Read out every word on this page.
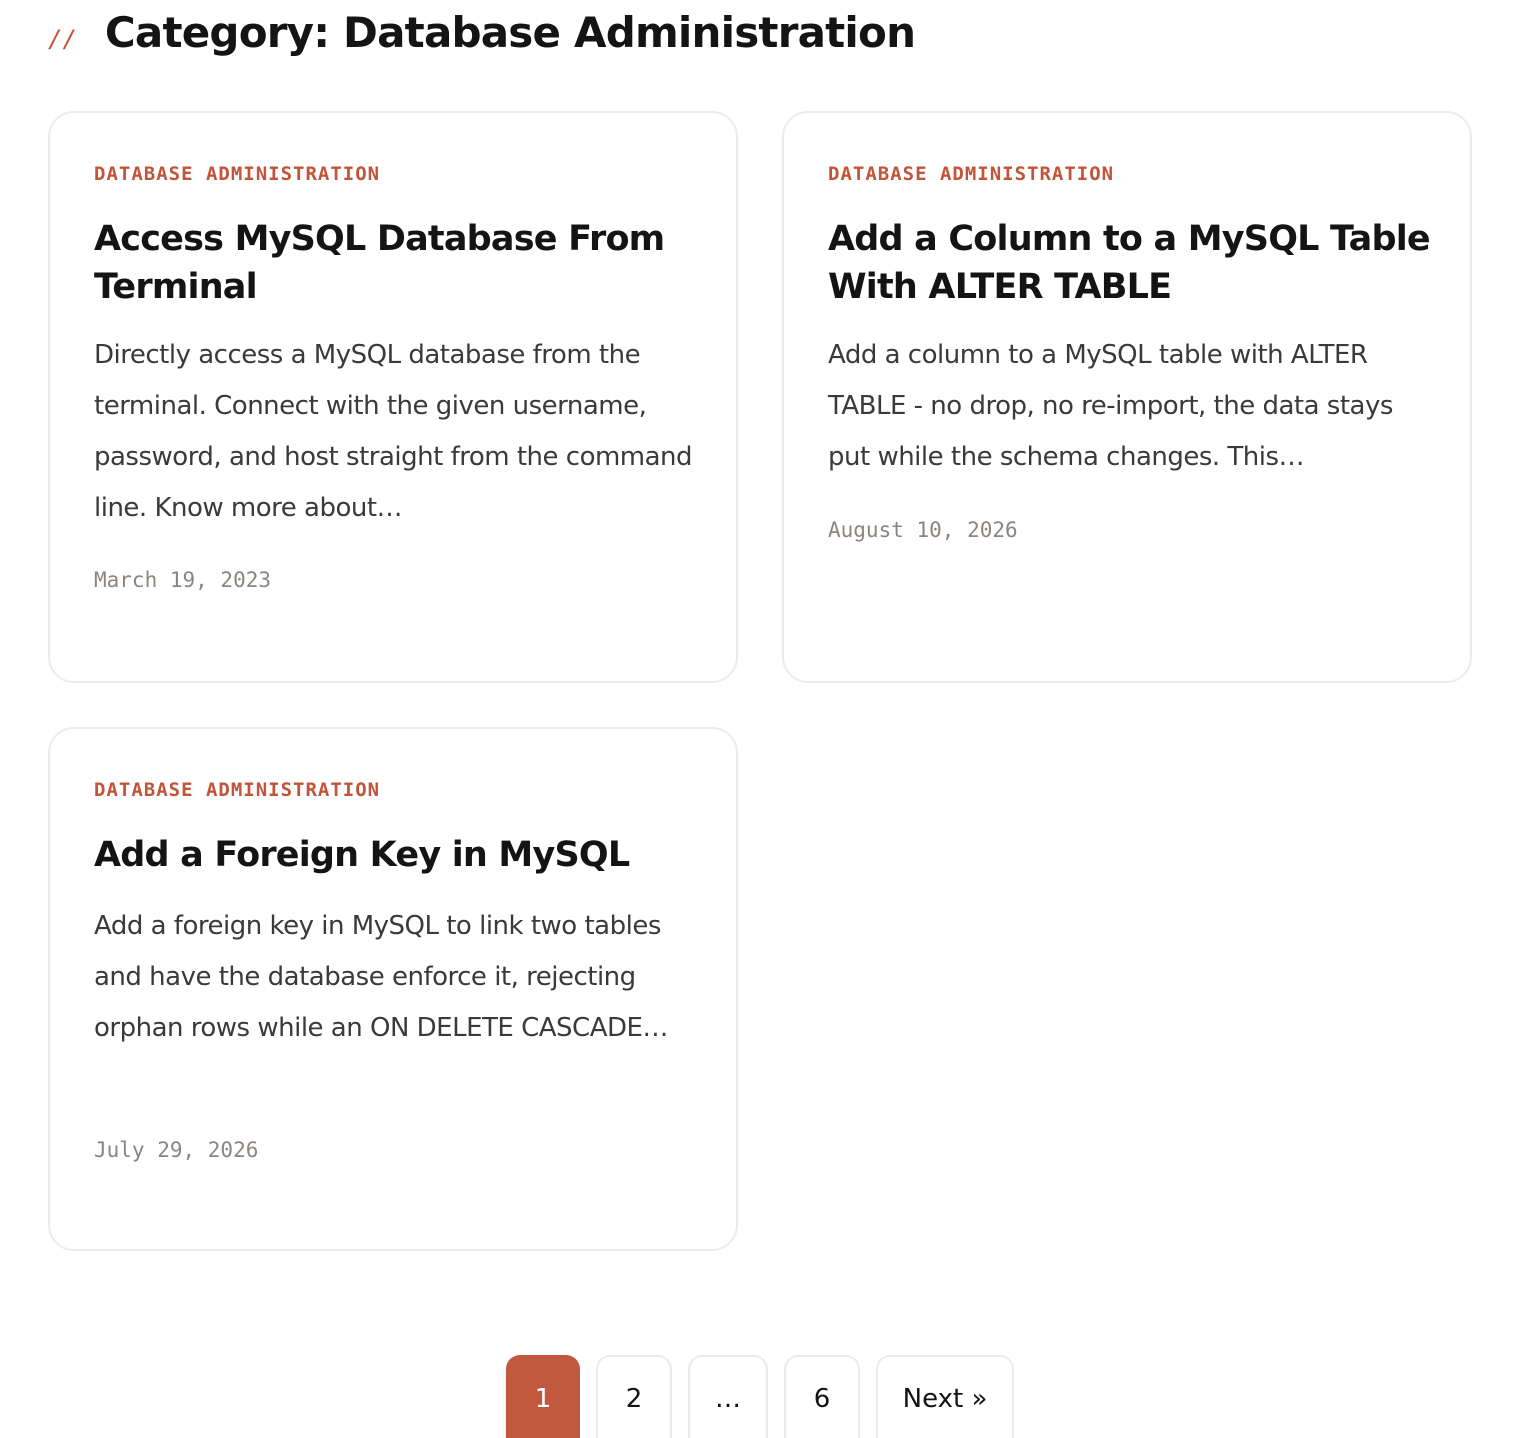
// Category: Database Administration
DATABASE ADMINISTRATION
Access MySQL Database From Terminal

Directly access a MySQL database from the terminal. Connect with the given username, password, and host straight from the command line. Know more about…

March 19, 2023
DATABASE ADMINISTRATION
Add a Column to a MySQL Table With ALTER TABLE

Add a column to a MySQL table with ALTER TABLE - no drop, no re-import, the data stays put while the schema changes. This…

August 10, 2026
DATABASE ADMINISTRATION
Add a Foreign Key in MySQL

Add a foreign key in MySQL to link two tables and have the database enforce it, rejecting orphan rows while an ON DELETE CASCADE…

July 29, 2026
1	2	…	6	Next »
